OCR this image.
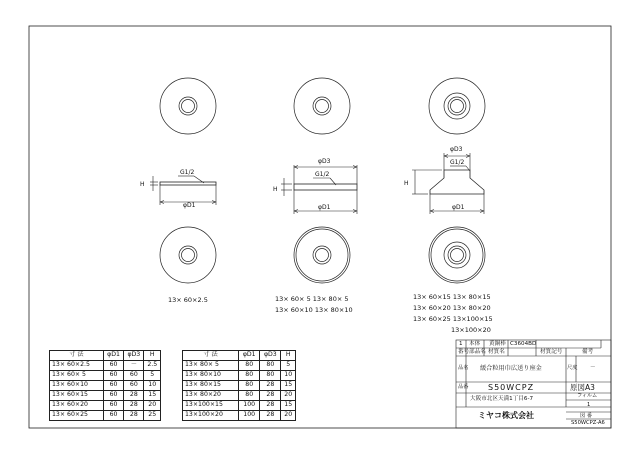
G1/2
φD1
H
φD3
G1/2
φD1
H
φD3
G1/2
φD1
H
13× 60×2.5	13× 60× 5 13× 80× 5
13× 60×10 13× 80×10
13× 60×15 13× 80×15
13× 60×20 13× 80×20
13× 60×25 13×100×15
13×100×20
寸 法	φD1	φD3	H
13× 60×2.5	60	－	2.5
13× 60× 5	60	60	5
13× 60×10	60	60	10
13× 60×15	60	28	15
13× 60×20	60	28	20
13× 60×25	60	28	25
寸 法	φD1	φD3	H
13× 80× 5	80	80	5
13× 80×10	80	80	10
13× 80×15	80	28	15
13× 80×20	80	28	20
13×100×15	100	28	15
13×100×20	100	28	20
1 本体 黄銅棒 C3604BD
番号 部品名 材質名	材質記号	備考
品名 緩合粒用巾広送り座金	尺度 －
品番 S50WCPZ	原図A3
大阪市北区天満1丁目6-7	フィルム
1
ミヤコ株式会社	図 番
S50WCPZ-A6
